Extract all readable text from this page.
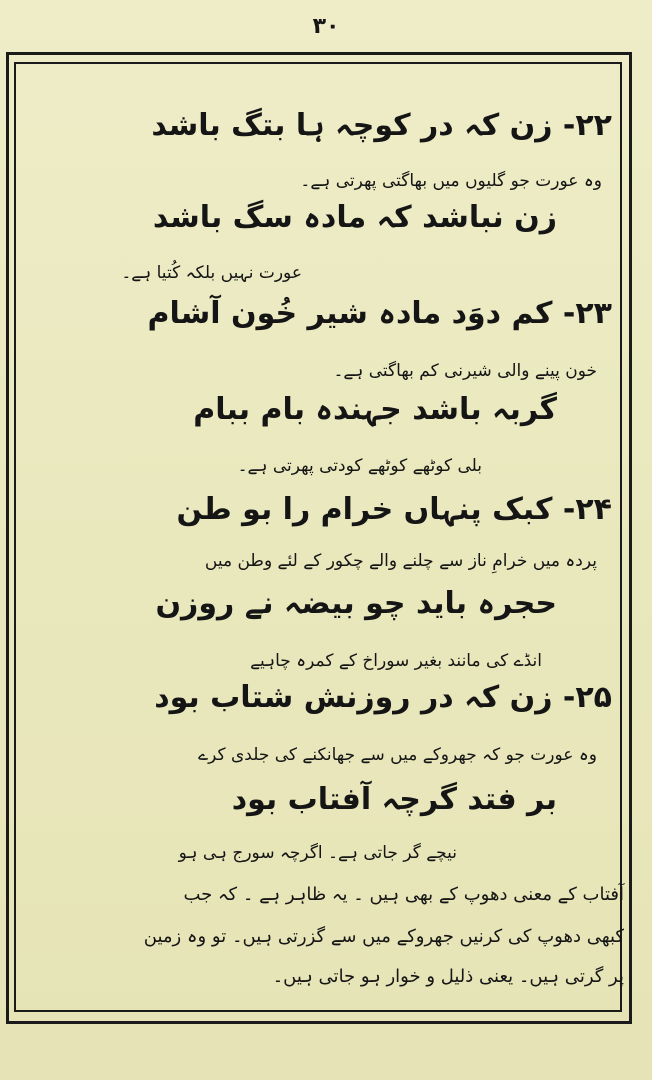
۳۰
۲۲- زن کہ در کوچہ ہا بتگ باشد
وہ عورت جو گلیوں میں بھاگتی پھرتی ہے۔
زن نباشد کہ مادہ سگ باشد
عورت نہیں بلکہ کُتیا ہے۔
۲۳- کم دوَد مادہ شیر خُون آشام
خون پینے والی شیرنی کم بھاگتی ہے۔
گربہ باشد جہندہ بام ببام
بلی کوٹھے کوٹھے کودتی پھرتی ہے۔
۲۴- کبک پنہاں خرام را بو طن
پردہ میں خرامِ ناز سے چلنے والے چکور کے لئے وطن میں
حجرہ باید چو بیضہ نے روزن
انڈے کی مانند بغیر سوراخ کے کمرہ چاہیے
۲۵- زن کہ در روزنش شتاب بود
وہ عورت جو کہ جھروکے میں سے جھانکنے کی جلدی کرے
بر فتد گرچہ آفتاب بود
نیچے گر جاتی ہے۔ اگرچہ سورج ہی ہو
آفتاب کے معنی دھوپ کے بھی ہیں ۔ یہ ظاہر ہے ۔ کہ جب
کبھی دھوپ کی کرنیں جھروکے میں سے گزرتی ہیں۔ تو وہ زمین
پر گرتی ہیں۔ یعنی ذلیل و خوار ہو جاتی ہیں۔
